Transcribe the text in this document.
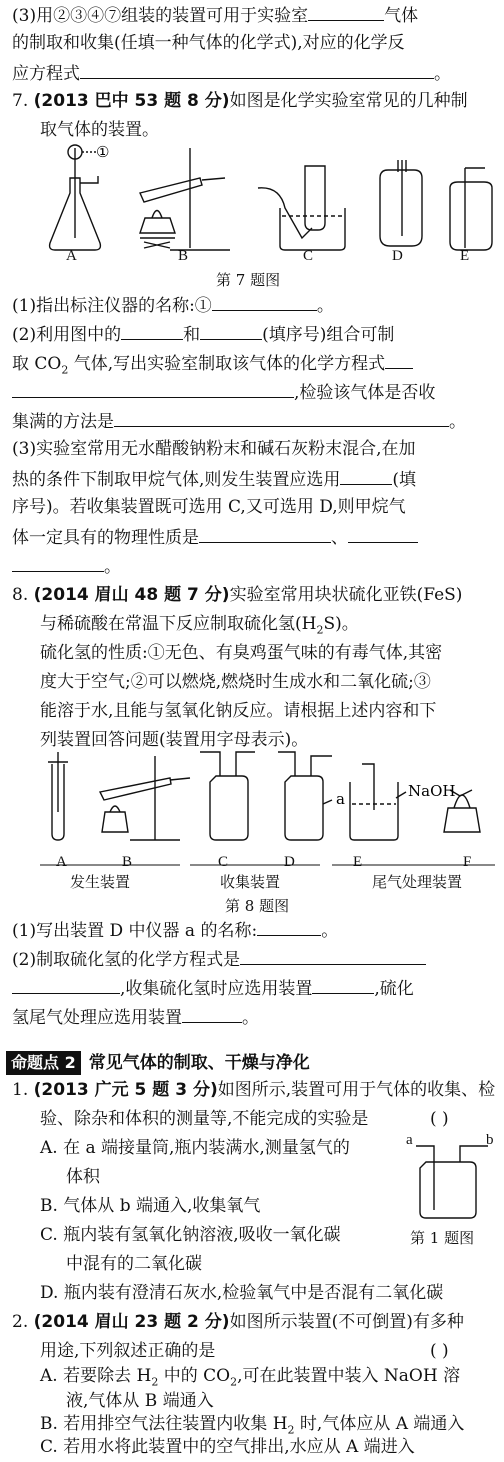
(3)用②③④⑦组装的装置可用于实验室	气体
的制取和收集(任填一种气体的化学式),对应的化学反
应方程式	。
7. (2013 巴中 53 题 8 分)如图是化学实验室常见的几种制
取气体的装置。
①
A	B	C	D	E
第 7 题图
(1)指出标注仪器的名称:①	。
(2)利用图中的	和	(填序号)组合可制
取 $CO_2$ 气体,写出实验室制取该气体的化学方程式
,检验该气体是否收
集满的方法是	。
(3)实验室常用无水醋酸钠粉末和碱石灰粉末混合,在加
热的条件下制取甲烷气体,则发生装置应选用	(填
序号)。若收集装置既可选用 C,又可选用 D,则甲烷气
体一定具有的物理性质是	、
。
8. (2014 眉山 48 题 7 分)实验室常用块状硫化亚铁(FeS)
与稀硫酸在常温下反应制取硫化氢$(H_2S)$。
硫化氢的性质:①无色、有臭鸡蛋气味的有毒气体,其密
度大于空气;②可以燃烧,燃烧时生成水和二氧化硫;③
能溶于水,且能与氢氧化钠反应。请根据上述内容和下
列装置回答问题(装置用字母表示)。
a	NaOH
A	B	C	D	E	F
发生装置	收集装置	尾气处理装置
第 8 题图
(1)写出装置 D 中仪器 a 的名称:	。
(2)制取硫化氢的化学方程式是
,收集硫化氢时应选用装置	,硫化
氢尾气处理应选用装置	。
命题点 2 常见气体的制取、干燥与净化
1. (2013 广元 5 题 3 分)如图所示,装置可用于气体的收集、检
验、除杂和体积的测量等,不能完成的实验是	( )
A. 在 a 端接量筒,瓶内装满水,测量氢气的
体积
B. 气体从 b 端通入,收集氧气
C. 瓶内装有氢氧化钠溶液,吸收一氧化碳
中混有的二氧化碳
D. 瓶内装有澄清石灰水,检验氧气中是否混有二氧化碳
a	b
第 1 题图
2. (2014 眉山 23 题 2 分)如图所示装置(不可倒置)有多种
用途,下列叙述正确的是	( )
A. 若要除去 $H_2$ 中的 $CO_2$,可在此装置中装入 NaOH 溶
液,气体从 B 端通入
B. 若用排空气法往装置内收集 $H_2$ 时,气体应从 A 端通入
C. 若用水将此装置中的空气排出,水应从 A 端进入
